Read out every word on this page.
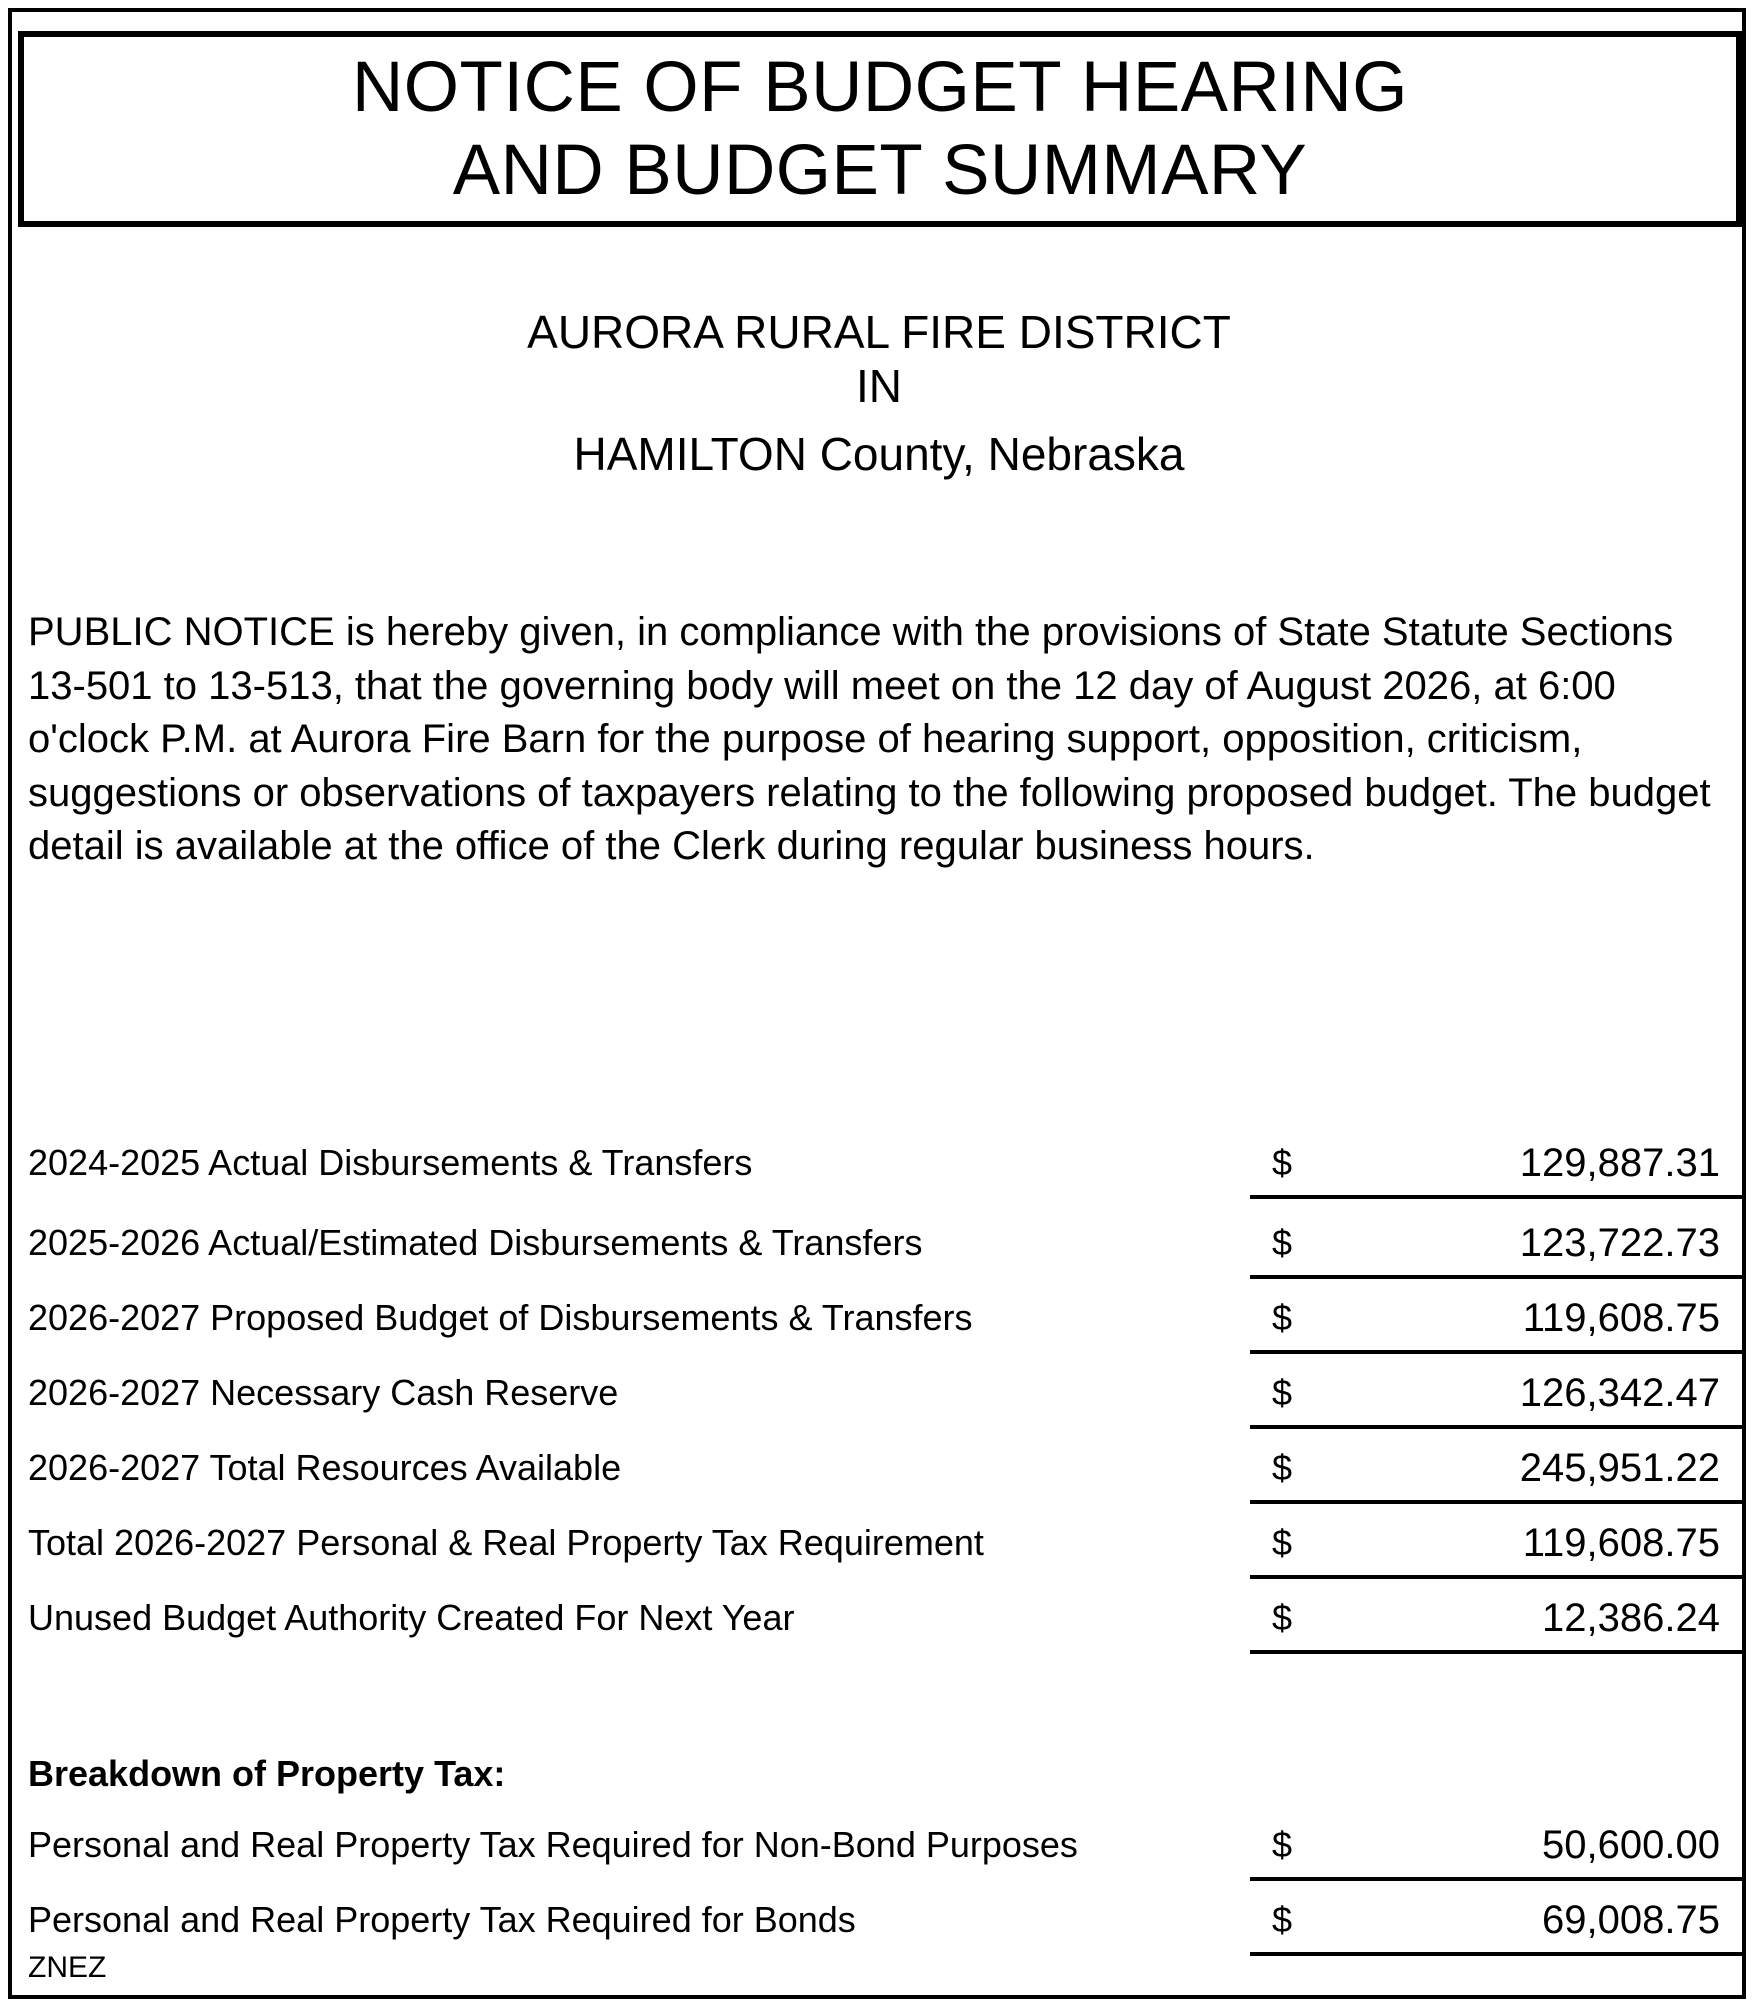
NOTICE OF BUDGET HEARING
AND BUDGET SUMMARY
AURORA RURAL FIRE DISTRICT
IN
HAMILTON County, Nebraska

PUBLIC NOTICE is hereby given, in compliance with the provisions of State Statute Sections 13-501 to 13-513, that the governing body will meet on the 12 day of August 2026, at 6:00 o'clock P.M. at Aurora Fire Barn for the purpose of hearing support, opposition, criticism, suggestions or observations of taxpayers relating to the following proposed budget. The budget detail is available at the office of the Clerk during regular business hours.

2024-2025 Actual Disbursements & Transfers	$	129,887.31
2025-2026 Actual/Estimated Disbursements & Transfers	$	123,722.73
2026-2027 Proposed Budget of Disbursements & Transfers	$	119,608.75
2026-2027 Necessary Cash Reserve	$	126,342.47
2026-2027 Total Resources Available	$	245,951.22
Total 2026-2027 Personal & Real Property Tax Requirement	$	119,608.75
Unused Budget Authority Created For Next Year	$	12,386.24
Breakdown of Property Tax:
Personal and Real Property Tax Required for Non-Bond Purposes	$	50,600.00
Personal and Real Property Tax Required for Bonds	$	69,008.75
ZNEZ
